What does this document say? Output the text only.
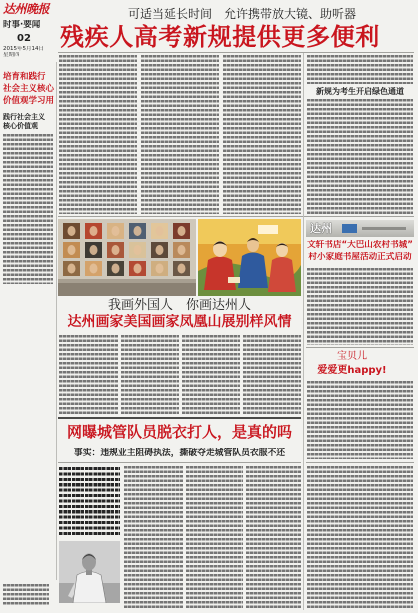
达州晚报
时事·要闻
02
2015年5月14日
星期四
可适当延长时间　允许携带放大镜、助听器
残疾人高考新规提供更多便利
培育和践行
社会主义核心
价值观学习用
践行社会主义
核心价值观
新规为考生开启绿色通道
我画外国人　你画达州人
达州画家美国画家凤凰山展别样风情
达州
文轩书店“大巴山农村书城”
村小家庭书屋活动正式启动
宝贝儿
爱爱更happy!
网曝城管队员脱衣打人，是真的吗
事实：违规业主阻碍执法，撕破夺走城管队员衣服不还
